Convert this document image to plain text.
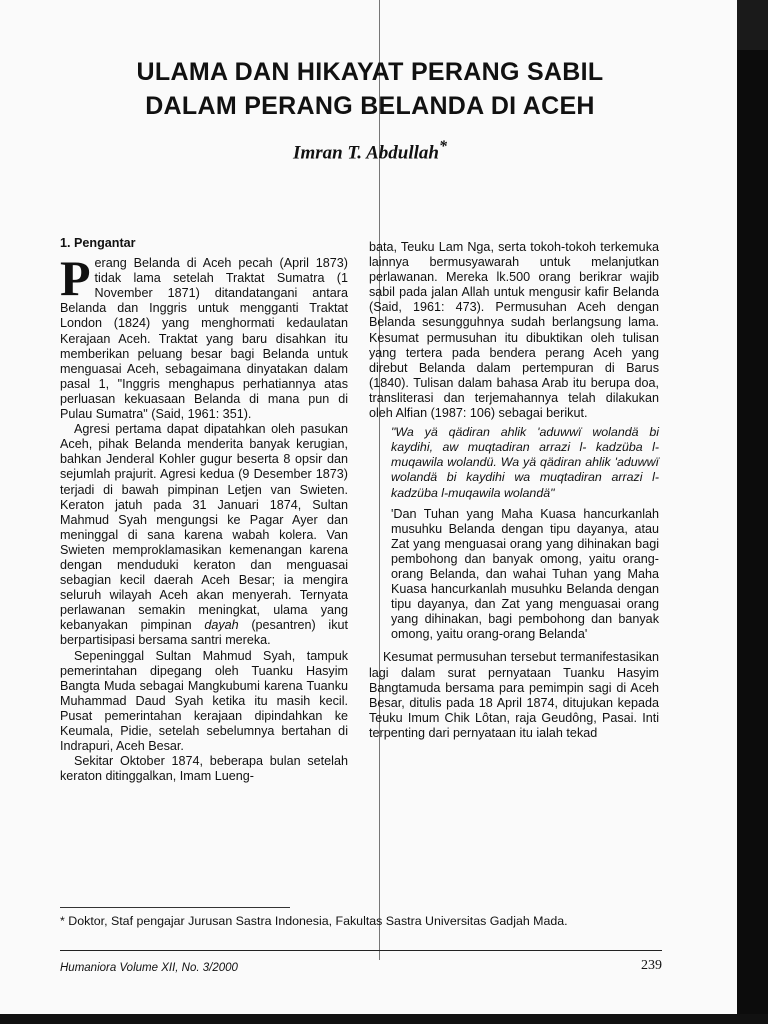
ULAMA DAN HIKAYAT PERANG SABIL
DALAM PERANG BELANDA DI ACEH
Imran T. Abdullah*
1. Pengantar

Perang Belanda di Aceh pecah (April 1873) tidak lama setelah Traktat Sumatra (1 November 1871) ditandatangani antara Belanda dan Inggris untuk mengganti Traktat London (1824) yang menghormati kedaulatan Kerajaan Aceh. Traktat yang baru disahkan itu memberikan peluang besar bagi Belanda untuk menguasai Aceh, sebagaimana dinyatakan dalam pasal 1, "Inggris menghapus perhatiannya atas perluasan kekuasaan Belanda di mana pun di Pulau Sumatra" (Said, 1961: 351).

Agresi pertama dapat dipatahkan oleh pasukan Aceh, pihak Belanda menderita banyak kerugian, bahkan Jenderal Kohler gugur beserta 8 opsir dan sejumlah prajurit. Agresi kedua (9 Desember 1873) terjadi di bawah pimpinan Letjen van Swieten. Keraton jatuh pada 31 Januari 1874, Sultan Mahmud Syah mengungsi ke Pagar Ayer dan meninggal di sana karena wabah kolera. Van Swieten memproklamasikan kemenangan karena dengan menduduki keraton dan menguasai sebagian kecil daerah Aceh Besar; ia mengira seluruh wilayah Aceh akan menyerah. Ternyata perlawanan semakin meningkat, ulama yang kebanyakan pimpinan dayah (pesantren) ikut berpartisipasi bersama santri mereka.

Sepeninggal Sultan Mahmud Syah, tampuk pemerintahan dipegang oleh Tuanku Hasyim Bangta Muda sebagai Mangkubumi karena Tuanku Muhammad Daud Syah ketika itu masih kecil. Pusat pemerintahan kerajaan dipindahkan ke Keumala, Pidie, setelah sebelumnya bertahan di Indrapuri, Aceh Besar.

Sekitar Oktober 1874, beberapa bulan setelah keraton ditinggalkan, Imam Lueng-

bata, Teuku Lam Nga, serta tokoh-tokoh terkemuka lainnya bermusyawarah untuk melanjutkan perlawanan. Mereka lk.500 orang berikrar wajib sabil pada jalan Allah untuk mengusir kafir Belanda (Said, 1961: 473). Permusuhan Aceh dengan Belanda sesungguhnya sudah berlangsung lama. Kesumat permusuhan itu dibuktikan oleh tulisan yang tertera pada bendera perang Aceh yang direbut Belanda dalam pertempuran di Barus (1840). Tulisan dalam bahasa Arab itu berupa doa, transliterasi dan terjemahannya telah dilakukan oleh Alfian (1987: 106) sebagai berikut.

"Wa yä qädiran ahlik 'aduwwï wolandä bi kaydihi, aw muqtadiran arrazi l- kadzüba l-muqawila wolandü. Wa yä qädiran ahlik 'aduwwï wolandä bi kaydihi wa muqtadiran arrazi l-kadzüba l-muqawila wolandä"

'Dan Tuhan yang Maha Kuasa hancurkanlah musuhku Belanda dengan tipu dayanya, atau Zat yang menguasai orang yang dihinakan bagi pembohong dan banyak omong, yaitu orang-orang Belanda, dan wahai Tuhan yang Maha Kuasa hancurkanlah musuhku Belanda dengan tipu dayanya, dan Zat yang menguasai orang yang dihinakan, bagi pembohong dan banyak omong, yaitu orang-orang Belanda'

Kesumat permusuhan tersebut termanifestasikan lagi dalam surat pernyataan Tuanku Hasyim Bangtamuda bersama para pemimpin sagi di Aceh Besar, ditulis pada 18 April 1874, ditujukan kepada Teuku Imum Chik Lôtan, raja Geudông, Pasai. Inti terpenting dari pernyataan itu ialah tekad

* Doktor, Staf pengajar Jurusan Sastra Indonesia, Fakultas Sastra Universitas Gadjah Mada.
Humaniora Volume XII, No. 3/2000	239
